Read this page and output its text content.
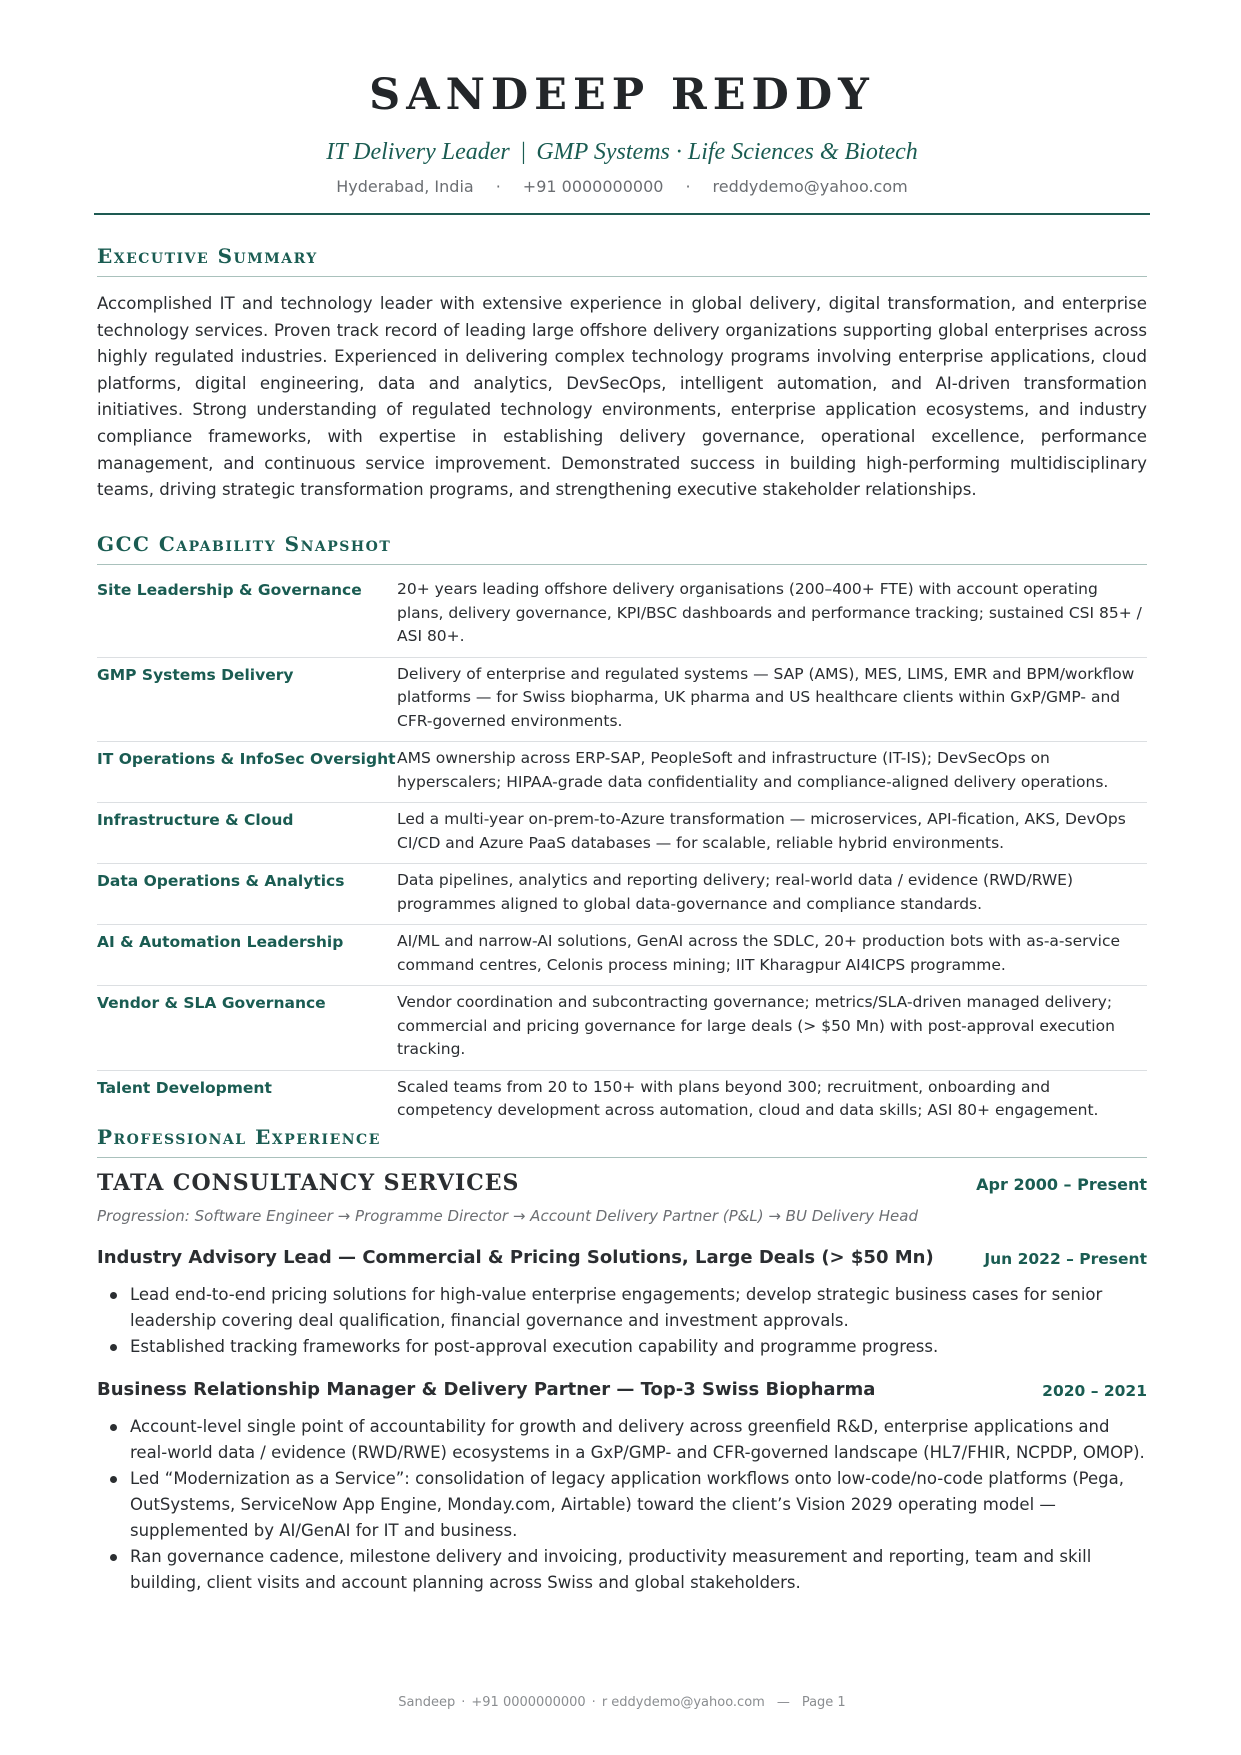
SANDEEP REDDY
IT Delivery Leader | GMP Systems · Life Sciences & Biotech
Hyderabad, India · +91 0000000000 · reddydemo@yahoo.com
Executive Summary

Accomplished IT and technology leader with extensive experience in global delivery, digital transformation, and enterprise technology services. Proven track record of leading large offshore delivery organizations supporting global enterprises across highly regulated industries. Experienced in delivering complex technology programs involving enterprise applications, cloud platforms, digital engineering, data and analytics, DevSecOps, intelligent automation, and AI-driven transformation initiatives. Strong understanding of regulated technology environments, enterprise application ecosystems, and industry compliance frameworks, with expertise in establishing delivery governance, operational excellence, performance management, and continuous service improvement. Demonstrated success in building high-performing multidisciplinary teams, driving strategic transformation programs, and strengthening executive stakeholder relationships.

GCC Capability Snapshot
Site Leadership & Governance	20+ years leading offshore delivery organisations (200–400+ FTE) with account operating plans, delivery governance, KPI/BSC dashboards and performance tracking; sustained CSI 85+ / ASI 80+.
GMP Systems Delivery	Delivery of enterprise and regulated systems — SAP (AMS), MES, LIMS, EMR and BPM/workflow platforms — for Swiss biopharma, UK pharma and US healthcare clients within GxP/GMP- and CFR-governed environments.
IT Operations & InfoSec Oversight	AMS ownership across ERP-SAP, PeopleSoft and infrastructure (IT-IS); DevSecOps on hyperscalers; HIPAA-grade data confidentiality and compliance-aligned delivery operations.
Infrastructure & Cloud	Led a multi-year on-prem-to-Azure transformation — microservices, API-fication, AKS, DevOps CI/CD and Azure PaaS databases — for scalable, reliable hybrid environments.
Data Operations & Analytics	Data pipelines, analytics and reporting delivery; real-world data / evidence (RWD/RWE) programmes aligned to global data-governance and compliance standards.
AI & Automation Leadership	AI/ML and narrow-AI solutions, GenAI across the SDLC, 20+ production bots with as-a-service command centres, Celonis process mining; IIT Kharagpur AI4ICPS programme.
Vendor & SLA Governance	Vendor coordination and subcontracting governance; metrics/SLA-driven managed delivery; commercial and pricing governance for large deals (> $50 Mn) with post-approval execution tracking.
Talent Development	Scaled teams from 20 to 150+ with plans beyond 300; recruitment, onboarding and competency development across automation, cloud and data skills; ASI 80+ engagement.
Professional Experience
TATA CONSULTANCY SERVICES	Apr 2000 – Present
Progression: Software Engineer → Programme Director → Account Delivery Partner (P&L) → BU Delivery Head
Industry Advisory Lead — Commercial & Pricing Solutions, Large Deals (> $50 Mn)	Jun 2022 – Present
Lead end-to-end pricing solutions for high-value enterprise engagements; develop strategic business cases for senior leadership covering deal qualification, financial governance and investment approvals.
Established tracking frameworks for post-approval execution capability and programme progress.
Business Relationship Manager & Delivery Partner — Top-3 Swiss Biopharma	2020 – 2021
Account-level single point of accountability for growth and delivery across greenfield R&D, enterprise applications and real-world data / evidence (RWD/RWE) ecosystems in a GxP/GMP- and CFR-governed landscape (HL7/FHIR, NCPDP, OMOP).
Led “Modernization as a Service”: consolidation of legacy application workflows onto low-code/no-code platforms (Pega, OutSystems, ServiceNow App Engine, Monday.com, Airtable) toward the client’s Vision 2029 operating model — supplemented by AI/GenAI for IT and business.
Ran governance cadence, milestone delivery and invoicing, productivity measurement and reporting, team and skill building, client visits and account planning across Swiss and global stakeholders.
Sandeep · +91 0000000000 · r eddydemo@yahoo.com — Page 1
